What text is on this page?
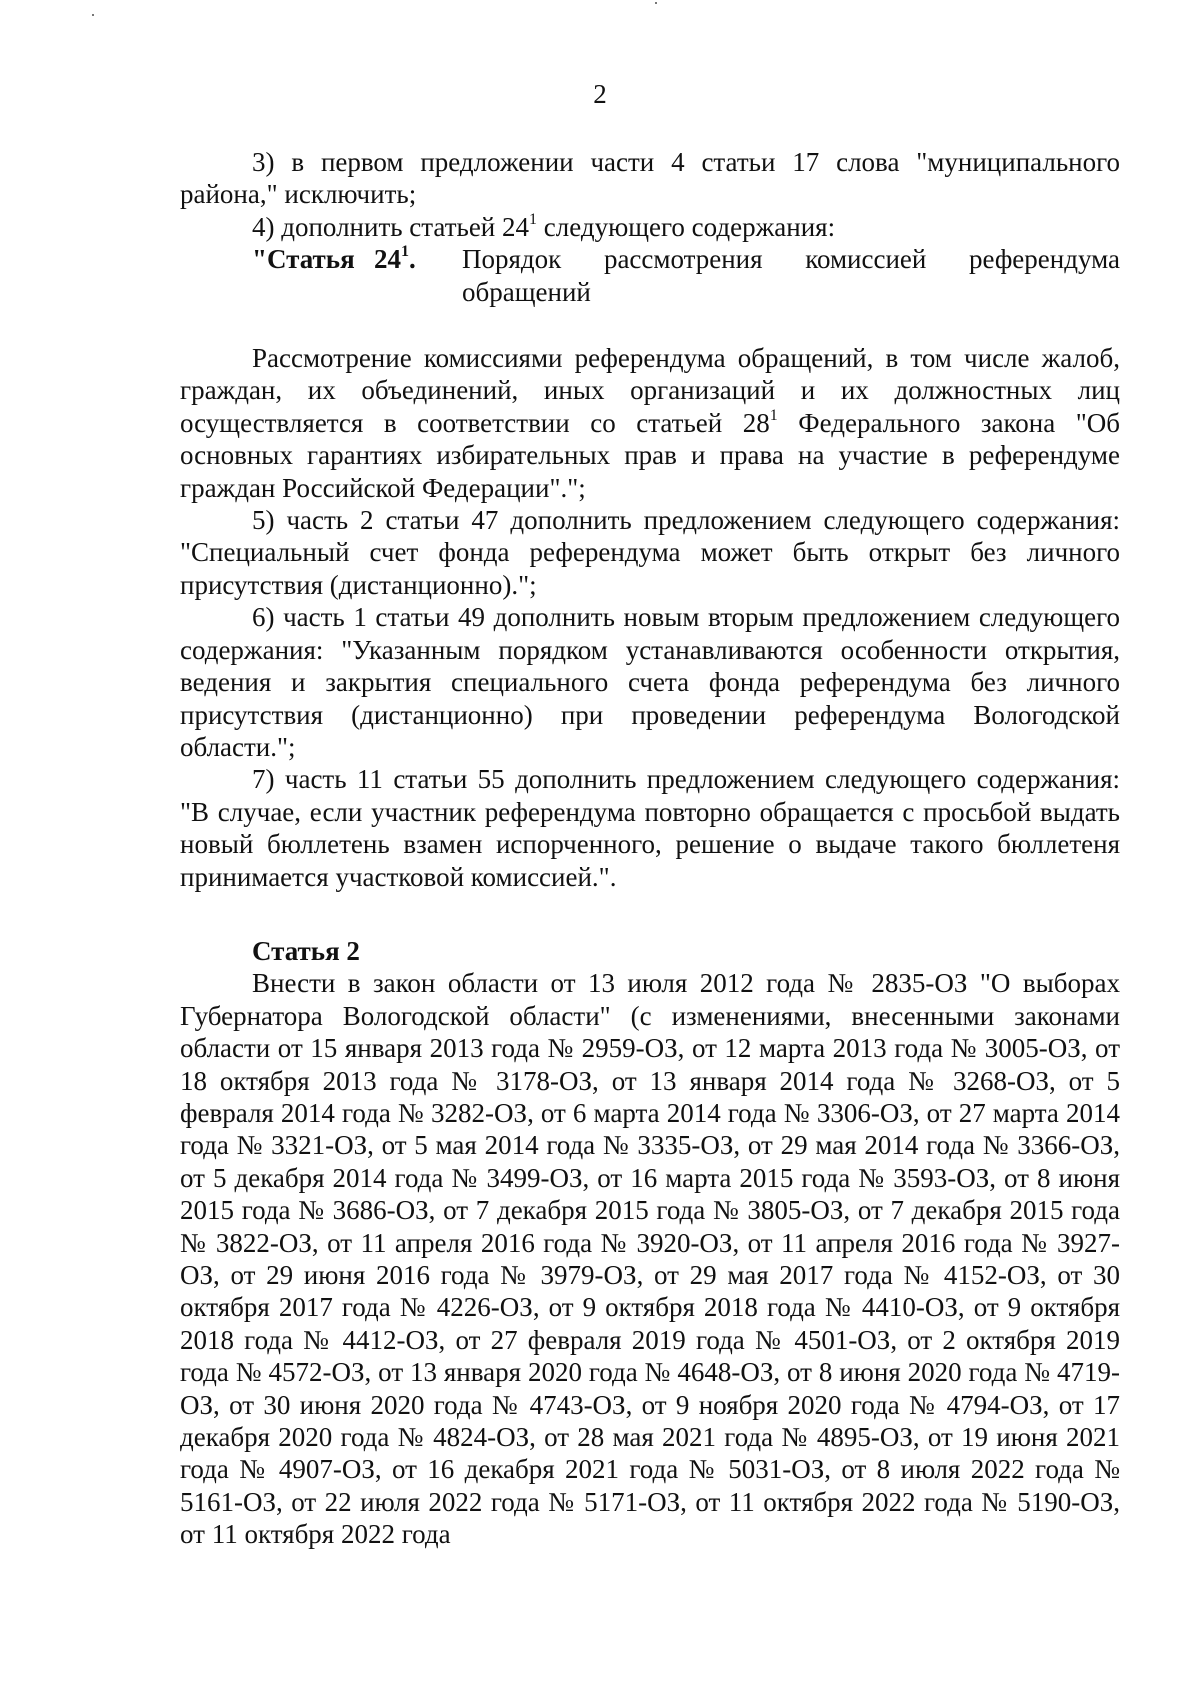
2

3) в первом предложении части 4 статьи 17 слова "муниципального района," исключить;

4) дополнить статьей $24^1$ следующего содержания:

"Статья $24^1$.	Порядок рассмотрения комиссией референдума обращений

Рассмотрение комиссиями референдума обращений, в том числе жалоб, граждан, их объединений, иных организаций и их должностных лиц осуществляется в соответствии со статьей $28^1$ Федерального закона "Об основных гарантиях избирательных прав и права на участие в референдуме граждан Российской Федерации".";

5) часть 2 статьи 47 дополнить предложением следующего содержания: "Специальный счет фонда референдума может быть открыт без личного присутствия (дистанционно).";

6) часть 1 статьи 49 дополнить новым вторым предложением следующего содержания: "Указанным порядком устанавливаются особенности открытия, ведения и закрытия специального счета фонда референдума без личного присутствия (дистанционно) при проведении референдума Вологодской области.";

7) часть 11 статьи 55 дополнить предложением следующего содержания: "В случае, если участник референдума повторно обращается с просьбой выдать новый бюллетень взамен испорченного, решение о выдаче такого бюллетеня принимается участковой комиссией.".

Статья 2

Внести в закон области от 13 июля 2012 года № 2835-ОЗ "О выборах Губернатора Вологодской области" (с изменениями, внесенными законами области от 15 января 2013 года № 2959-ОЗ, от 12 марта 2013 года № 3005-ОЗ, от 18 октября 2013 года № 3178-ОЗ, от 13 января 2014 года № 3268-ОЗ, от 5 февраля 2014 года № 3282-ОЗ, от 6 марта 2014 года № 3306-ОЗ, от 27 марта 2014 года № 3321-ОЗ, от 5 мая 2014 года № 3335-ОЗ, от 29 мая 2014 года № 3366-ОЗ, от 5 декабря 2014 года № 3499-ОЗ, от 16 марта 2015 года № 3593-ОЗ, от 8 июня 2015 года № 3686-ОЗ, от 7 декабря 2015 года № 3805-ОЗ, от 7 декабря 2015 года № 3822-ОЗ, от 11 апреля 2016 года № 3920-ОЗ, от 11 апреля 2016 года № 3927-ОЗ, от 29 июня 2016 года № 3979-ОЗ, от 29 мая 2017 года № 4152-ОЗ, от 30 октября 2017 года № 4226-ОЗ, от 9 октября 2018 года № 4410-ОЗ, от 9 октября 2018 года № 4412-ОЗ, от 27 февраля 2019 года № 4501-ОЗ, от 2 октября 2019 года № 4572-ОЗ, от 13 января 2020 года № 4648-ОЗ, от 8 июня 2020 года № 4719-ОЗ, от 30 июня 2020 года № 4743-ОЗ, от 9 ноября 2020 года № 4794-ОЗ, от 17 декабря 2020 года № 4824-ОЗ, от 28 мая 2021 года № 4895-ОЗ, от 19 июня 2021 года № 4907-ОЗ, от 16 декабря 2021 года № 5031-ОЗ, от 8 июля 2022 года № 5161-ОЗ, от 22 июля 2022 года № 5171-ОЗ, от 11 октября 2022 года № 5190-ОЗ, от 11 октября 2022 года
